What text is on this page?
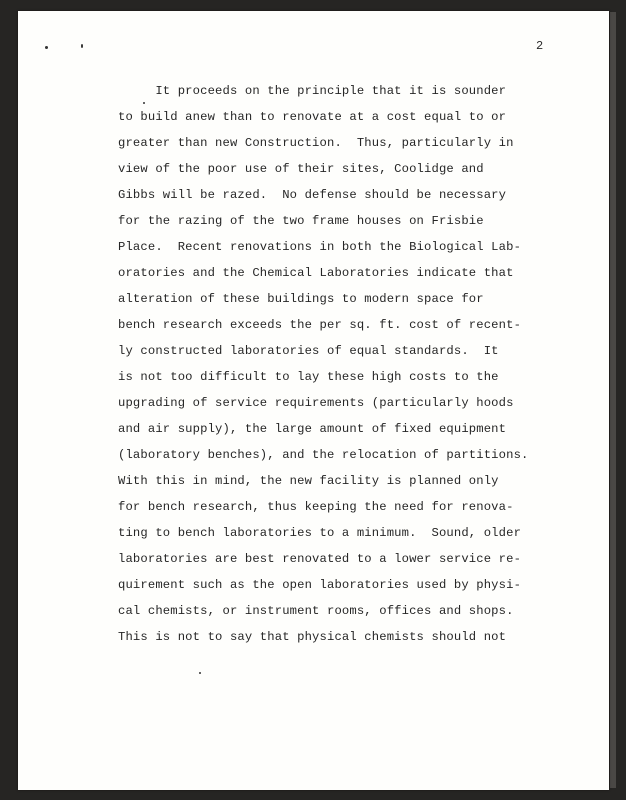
2
It proceeds on the principle that it is sounder
to build anew than to renovate at a cost equal to or
greater than new Construction.  Thus, particularly in
view of the poor use of their sites, Coolidge and
Gibbs will be razed.  No defense should be necessary
for the razing of the two frame houses on Frisbie
Place.  Recent renovations in both the Biological Lab-
oratories and the Chemical Laboratories indicate that
alteration of these buildings to modern space for
bench research exceeds the per sq. ft. cost of recent-
ly constructed laboratories of equal standards.  It
is not too difficult to lay these high costs to the
upgrading of service requirements (particularly hoods
and air supply), the large amount of fixed equipment
(laboratory benches), and the relocation of partitions.
With this in mind, the new facility is planned only
for bench research, thus keeping the need for renova-
ting to bench laboratories to a minimum.  Sound, older
laboratories are best renovated to a lower service re-
quirement such as the open laboratories used by physi-
cal chemists, or instrument rooms, offices and shops.
This is not to say that physical chemists should not
